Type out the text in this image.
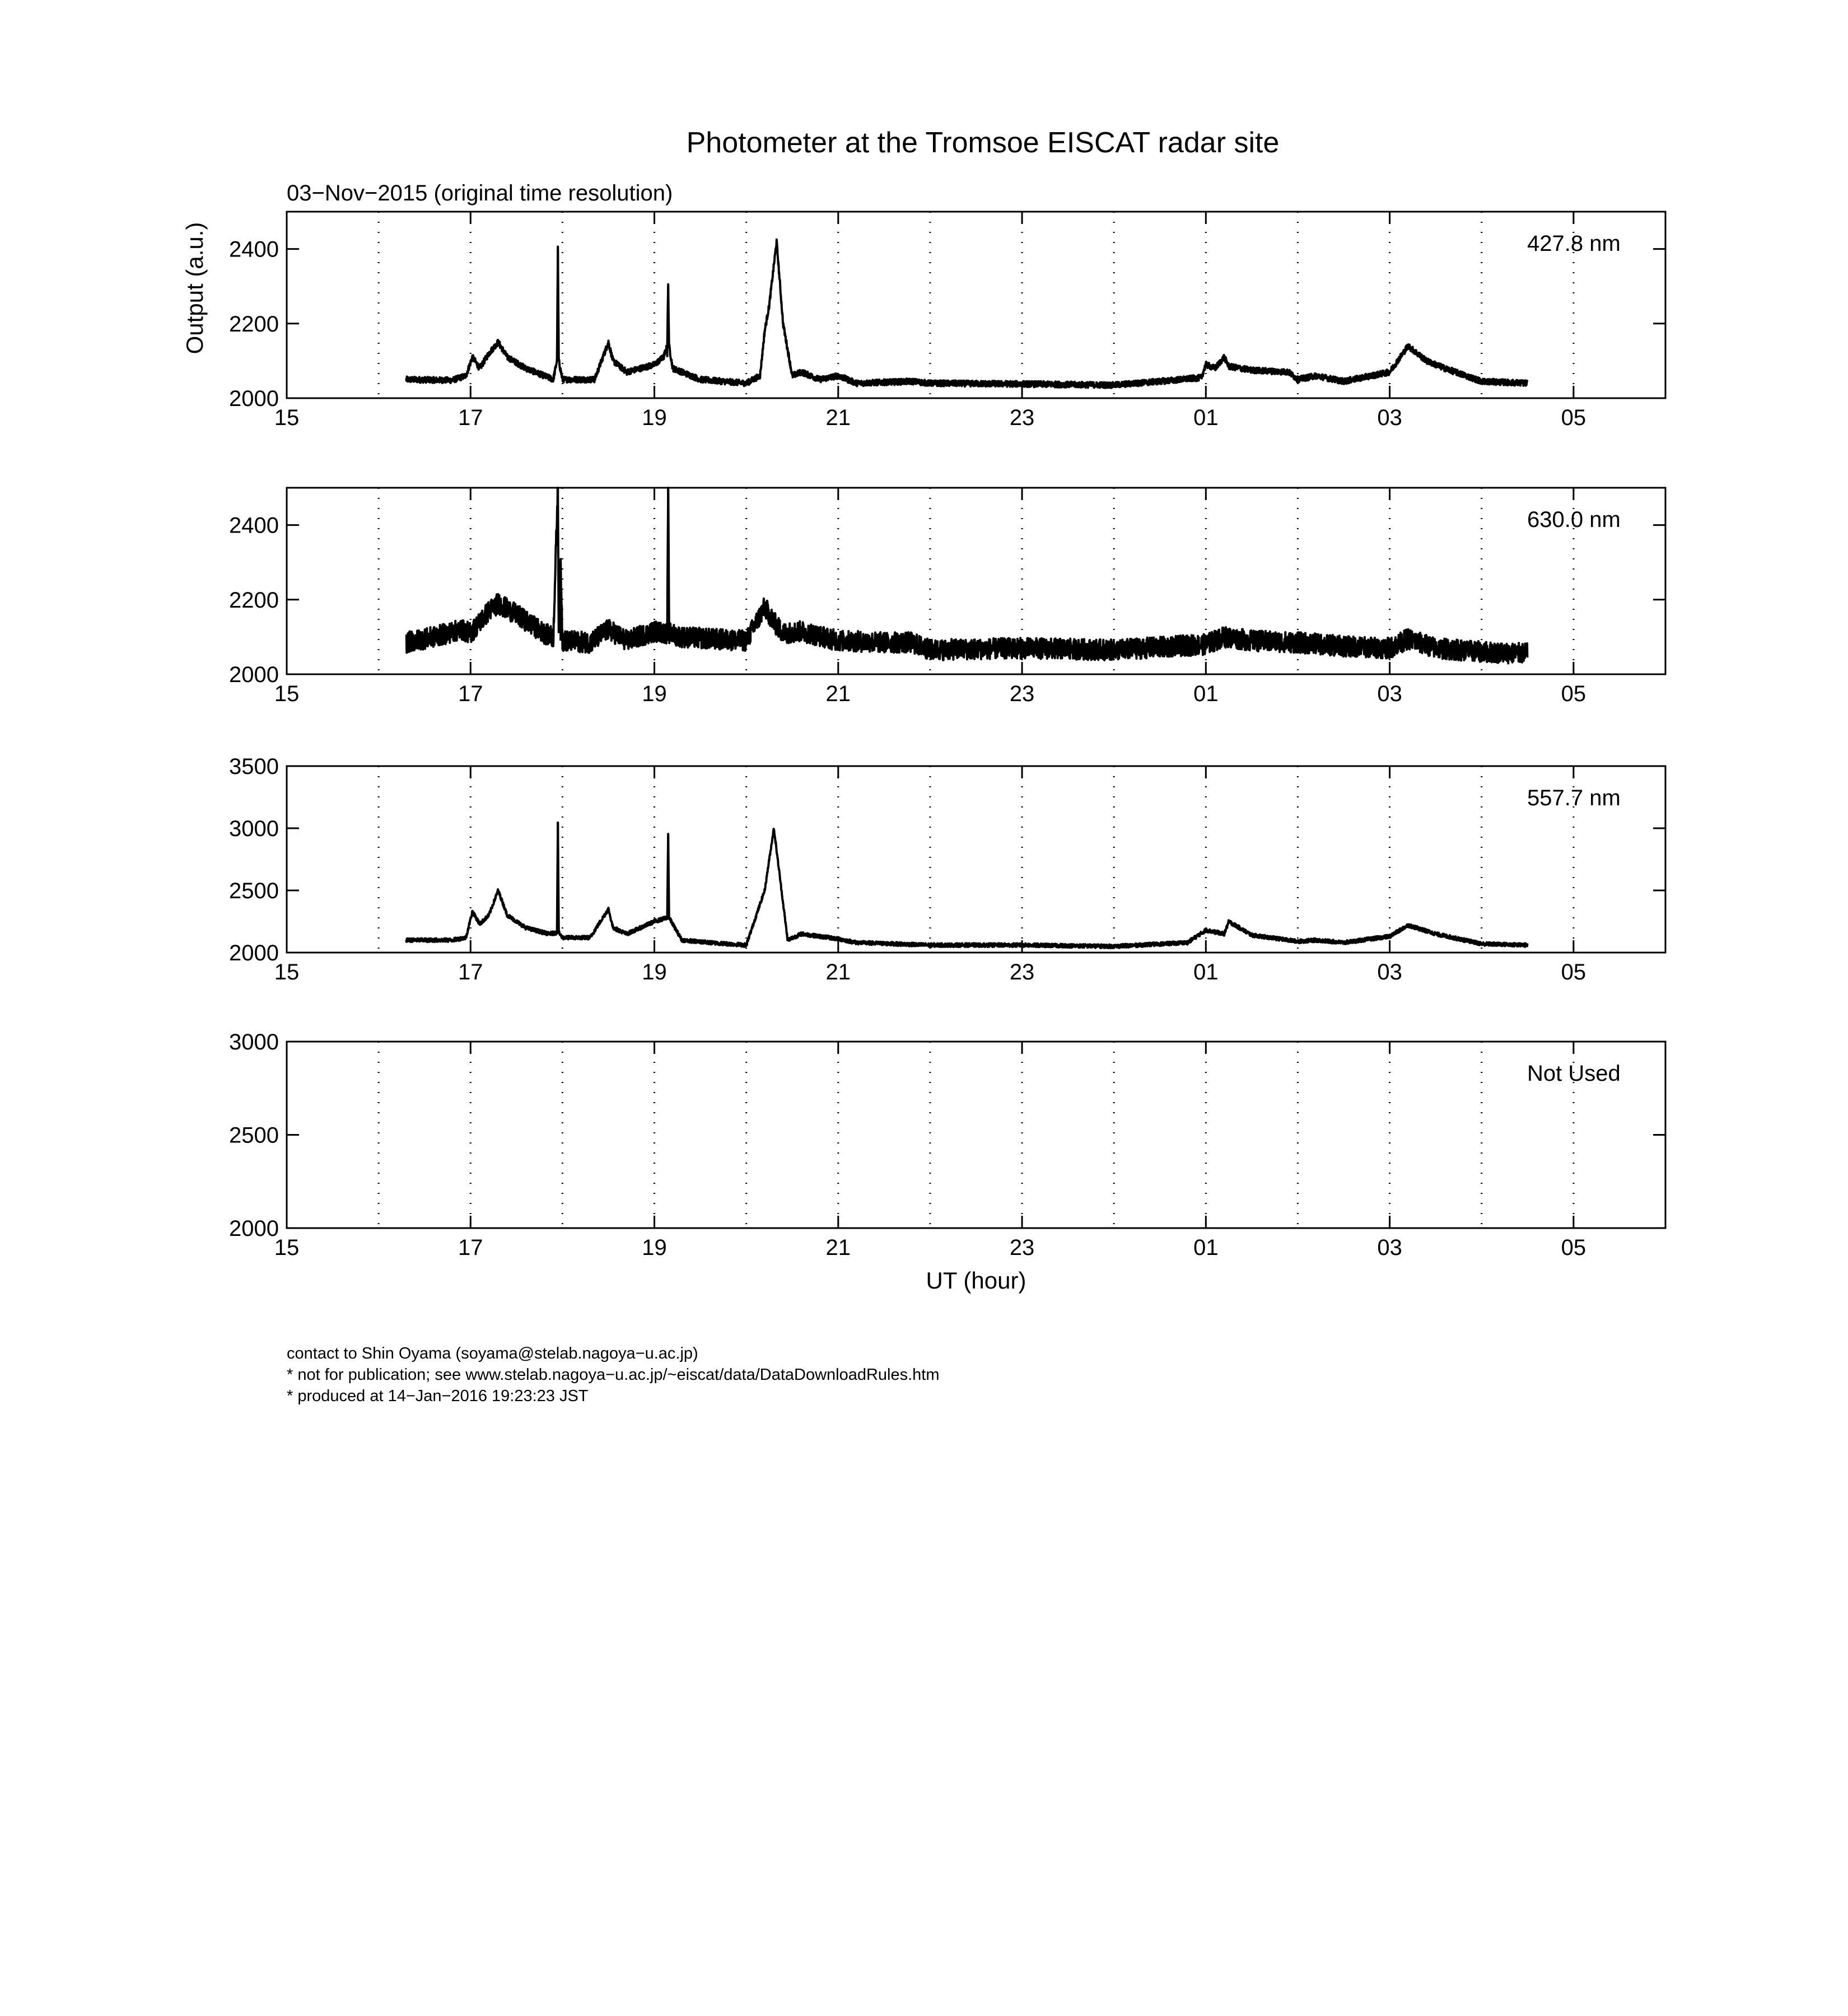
Photometer at the Tromsoe EISCAT radar site
03−Nov−2015 (original time resolution)
2000
2200
2400
15	17	19	21	23	01	03	05
427.8 nm
Output (a.u.)
2000
2200
2400
15	17	19	21	23	01	03	05
630.0 nm
2000
2500
3000
3500
15	17	19	21	23	01	03	05
557.7 nm
2000
2500
3000
15	17	19	21	23	01	03	05
Not Used
UT (hour)
contact to Shin Oyama (soyama@stelab.nagoya−u.ac.jp)
* not for publication; see www.stelab.nagoya−u.ac.jp/~eiscat/data/DataDownloadRules.htm
* produced at 14−Jan−2016 19:23:23 JST
